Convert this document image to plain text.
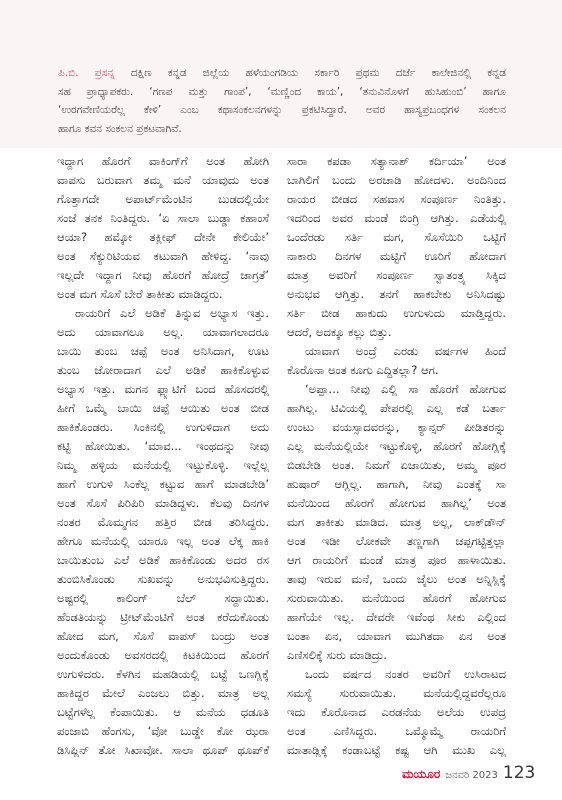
ಪಿ.ಬಿ. ಪ್ರಸನ್ನ ದಕ್ಷಿಣ ಕನ್ನಡ ಜಿಲ್ಲೆಯ ಹಳೆಯಂಗಡಿಯ ಸರ್ಕಾರಿ ಪ್ರಥಮ ದರ್ಜೆ ಕಾಲೇಜಿನಲ್ಲಿ ಕನ್ನಡ
ಸಹ ಪ್ರಾಧ್ಯಾಪಕರು. ‘ಗಣಪ ಮತ್ತು ಗಾಂಪ’, ‘ಮಣ್ಣಿಂದ ಕಾಯ’, ‘ತನುವಿನೊಳಗೆ ಹುಸಿಹುಂಬಿ’ ಹಾಗೂ
‘ಉರಗವೇಣಿಯರೆಲ್ಲ ಕೇಳಿ’ ಎಂಬ ಕಥಾಸಂಕಲನಗಳನ್ನು ಪ್ರಕಟಿಸಿದ್ದಾರೆ. ಅವರ ಹಾಸ್ಯಪ್ರಬಂಧಗಳ ಸಂಕಲನ
ಹಾಗೂ ಕವನ ಸಂಕಲನ ಪ್ರಕಟವಾಗಿವೆ.
ಇದ್ದಾಗ ಹೊರಗೆ ವಾಕಿಂಗ್‌ಗೆ ಅಂತ ಹೋಗಿ
ವಾಪಸು ಬರುವಾಗ ತಮ್ಮ ಮನೆ ಯಾವುದು ಅಂತ
ಗೊತ್ತಾಗದೇ ಅಪಾರ್ಟ್‌ಮೆಂಟಿನ ಬುಡದಲ್ಲಿಯೇ
ಸಂಜೆ ತನಕ ನಿಂತಿದ್ದರು. ‘ಏ ಸಾಲಾ ಬುಡ್ಡಾ ಕಹಾಂಸೆ
ಆಯಾ? ಹಮ್ಕೋ ತಕ್ಲೀಫ್ ದೇನೇ ಕೇಲಿಯೇ’
ಅಂತ ಸೆಕ್ಯುರಿಟಿಯವ ಕಟುವಾಗಿ ಹೇಳಿದ್ದ. ‘ನಾವು
ಇಲ್ಲದೇ ಇದ್ದಾಗ ನೀವು ಹೊರಗೆ ಹೋದ್ರೆ ಜಾಗ್ರತೆ’
ಅಂತ ಮಗ ಸೊಸೆ ಬೇರೆ ತಾಕೀತು ಮಾಡಿದ್ದರು.
ರಾಯರಿಗೆ ಎಲೆ ಅಡಿಕೆ ತಿನ್ನುವ ಅಭ್ಯಾಸ ಇತ್ತು.
ಅದು ಯಾವಾಗಲೂ ಅಲ್ಲ. ಯಾವಾಗಲಾದರೂ
ಬಾಯಿ ತುಂಬ ಚಪ್ಪೆ ಅಂತ ಅನಿಸಿದಾಗ, ಊಟ
ತುಂಬ ಜೋರಾದಾಗ ಎಲೆ ಅಡಿಕೆ ಹಾಕಿಕೊಳ್ಳುವ
ಅಭ್ಯಾಸ ಇತ್ತು. ಮಗನ ಫ್ಲ್ಯಾಟಿಗೆ ಬಂದ ಹೊಸದರಲ್ಲಿ
ಹೀಗೆ ಒಮ್ಮೆ ಬಾಯಿ ಚಪ್ಪೆ ಆಯಿತು ಅಂತ ಬೀಡ
ಹಾಕಿಕೊಂಡರು. ಸಿಂಕಿನಲ್ಲಿ ಉಗುಳಿದಾಗ ಅದು
ಕಟ್ಟಿ ಹೋಯಿತು. ‘ಮಾವ... ಇಂಥದನ್ನು ನೀವು
ನಿಮ್ಮ ಹಳ್ಳಿಯ ಮನೆಯಲ್ಲಿ ಇಟ್ಟುಕೊಳ್ಳಿ. ಇಲ್ಲೆಲ್ಲ
ಹಾಗೆ ಉಗುಳಿ ಸಿಂಕೆಲ್ಲ ಕಟ್ಟುವ ಹಾಗೆ ಮಾಡಬೇಡಿ’
ಅಂತ ಸೊಸೆ ಪಿರಿಪಿರಿ ಮಾಡಿದ್ದಳು. ಕೆಲವು ದಿನಗಳ
ನಂತರ ಮೊಮ್ಮಗನ ಹತ್ತಿರ ಬೀಡ ತರಿಸಿದ್ದರು.
ಹೇಗೂ ಮನೆಯಲ್ಲಿ ಯಾರೂ ಇಲ್ಲ ಅಂತ ಲೆಕ್ಕ ಹಾಕಿ
ಬಾಯಿತುಂಬ ಎಲೆ ಅಡಿಕೆ ಹಾಕಿಕೊಂಡು ಅದರ ರಸ
ತುಂಬಿಸಿಕೊಂಡು ಸುಖವನ್ನು ಅನುಭವಿಸುತ್ತಿದ್ದರು.
ಅಷ್ಟರಲ್ಲಿ ಕಾಲಿಂಗ್ ಬೆಲ್ ಸದ್ದಾಯಿತು.
ಹೆಂಡತಿಯನ್ನು ಟ್ರೀಟ್‌ಮೆಂಟಿಗೆ ಅಂತ ಕರೆದುಕೊಂಡು
ಹೋದ ಮಗ, ಸೊಸೆ ವಾಪಸ್ ಬಂದ್ರು ಅಂತ
ಅಂದುಕೊಂಡು ಅವಸರದಲ್ಲಿ ಕಿಟಕಿಯಿಂದ ಹೊರಗೆ
ಉಗುಳಿದರು. ಕೆಳಗಿನ ಮಹಡಿಯಲ್ಲಿ ಬಟ್ಟೆ ಒಣಗ್ಲಿಕ್ಕೆ
ಹಾಕಿದ್ದರ ಮೇಲೆ ಎಂಜಲು ಬಿತ್ತು. ಮಾತ್ರ ಅಲ್ಲ
ಬಟ್ಟೆಗಳೆಲ್ಲ ಕೆಂಪಾಯಿತು. ಆ ಮನೆಯ ಧಡೂತಿ
ಪಂಜಾಬಿ ಹೆಂಗಸು, ‘ವೋ ಬುಡ್ಡೇ ಕೋ ಝರಾ
ಡಿಸಿಪ್ಲಿನ್ ತೋ ಸಿಖಾವೋ. ಸಾಲಾ ಥೂಪ್ ಥೂಪ್‌ಕೆ
ಸಾರಾ ಕಪಡಾ ಸತ್ಯಾನಾಶ್ ಕರ್ದಿಯಾ’ ಅಂತ
ಬಾಗಿಲಿಗೆ ಬಂದು ಅರಚಾಡಿ ಹೋದಳು. ಅಂದಿನಿಂದ
ರಾಯರ ಬೀಡದ ಸಹವಾಸ ಸಂಪೂರ್ಣ ನಿಂತಿತ್ತು.
ಇದರಿಂದ ಅವರ ಮಂಡೆ ಬಿಂಗ್ರಿ ಆಗಿತ್ತು. ಎಡೆಯಲ್ಲಿ
ಒಂದೆರಡು ಸರ್ತಿ ಮಗ, ಸೊಸೆಯಿರಿ ಒಟ್ಟಿಗೆ
ನಾಕಾರು ದಿನಗಳ ಮಟ್ಟಿಗೆ ಊರಿಗೆ ಹೋದಾಗ
ಮಾತ್ರ ಅವರಿಗೆ ಸಂಪೂರ್ಣ ಸ್ವಾತಂತ್ರ್ಯ ಸಿಕ್ಕಿದ
ಅನುಭವ ಆಗ್ತಿತ್ತು. ತನಗೆ ಹಾಕಬೇಕು ಅನಿಸಿದಷ್ಟು
ಸರ್ತಿ ಬೀಡ ಹಾಕುದು ಉಗುಳುದು ಮಾಡ್ತಿದ್ದರು.
ಆದರೆ, ಅದಕ್ಕೂ ಕಲ್ಲು ಬಿತ್ತು.
ಯಾವಾಗ ಅಂದ್ರೆ ಎರಡು ವರ್ಷಗಳ ಹಿಂದೆ
ಕೊರೊನಾ ಅಂತ ಕೂಗು ಎದ್ದಿತಲ್ಲಾ? ಆಗ.
‘ಅಪ್ಪಾ... ನೀವು ಎಲ್ಲಿ ಸಾ ಹೊರಗೆ ಹೋಗುವ
ಹಾಗಿಲ್ಲ. ಟಿವಿಯಲ್ಲಿ ಪೇಪರಲ್ಲಿ ಎಲ್ಲ ಕಡೆ ಬರ್ತಾ
ಉಂಟು ವಯಸ್ಸಾದವರನ್ನು, ಕ್ಯಾನ್ಸರ್ ಪೀಡಿತರನ್ನು
ಎಲ್ಲ ಮನೆಯಲ್ಲಿಯೇ ಇಟ್ಟುಕೊಳ್ಳಿ, ಹೊರಗೆ ಹೋಗ್ಲಿಕ್ಕೆ
ಬಿಡಬೇಡಿ ಅಂತ. ನಿಮಗೆ ಏಜಾಯಿತು, ಅಮ್ಮ ಪೂರ
ಹುಷಾರ್ ಆಗ್ಲಿಲ್ಲ. ಹಾಗಾಗಿ, ನೀವು ಎಂತಕ್ಕೆ ಸಾ
ಮನೆಯಿಂದ ಹೊರಗೆ ಹೋಗುವ ಹಾಗಿಲ್ಲ’ ಅಂತ
ಮಗ ತಾಕೀತು ಮಾಡಿದ. ಮಾತ್ರ ಅಲ್ಲ, ಲಾಕ್‌ಡೌನ್
ಅಂತ ಇಡೀ ಲೋಕವೇ ತಣ್ಣಗಾಗಿ ಚಪ್ಪಗಟ್ಟಿತ್ತಲ್ಲಾ
ಆಗ ರಾಯರಿಗೆ ಮಂಡೆ ಮಾತ್ರ ಪೂರ ಹಾಳಾಯಿತು.
ತಾವು ಇರುವ ಮನೆ, ಒಂದು ಜೈಲು ಅಂತ ಅನ್ನಿಸ್ಲಿಕ್ಕೆ
ಸುರುವಾಯಿತು. ಮನೆಯಿಂದ ಹೊರಗೆ ಹೋಗುವ
ಹಾಗೆಯೇ ಇಲ್ಲ. ದೇವರೇ ಇವೆಂಥ ಸೀಕು ಎಲ್ಲಿಂದ
ಬಂತಾ ಏನ, ಯಾವಾಗ ಮುಗಿತದಾ ಏನ ಅಂತ
ಎಣಿಸಲಿಕ್ಕೆ ಸುರು ಮಾಡಿದ್ರು.
ಒಂದು ವರ್ಷದ ನಂತರ ಅವರಿಗೆ ಉಸಿರಾಟದ
ಸಮಸ್ಯೆ ಸುರುವಾಯಿತು. ಮನೆಯಲ್ಲಿದ್ದವರೆಲ್ಲರೂ
ಇದು ಕೊರೊನಾದ ಎರಡನೆಯ ಅಲೆಯ ಉಪದ್ರ
ಅಂತ ಎಣಿಸಿದ್ದರು. ಒಮ್ಮೊಮ್ಮೆ ರಾಯರಿಗೆ
ಮಾತಾಡ್ಲಿಕ್ಕೆ ಕಂಡಾಬಟ್ಟೆ ಕಷ್ಟ ಆಗಿ ಮುಖ ಎಲ್ಲ
ಮಯೂರ ಜನವರಿ 2023 123
